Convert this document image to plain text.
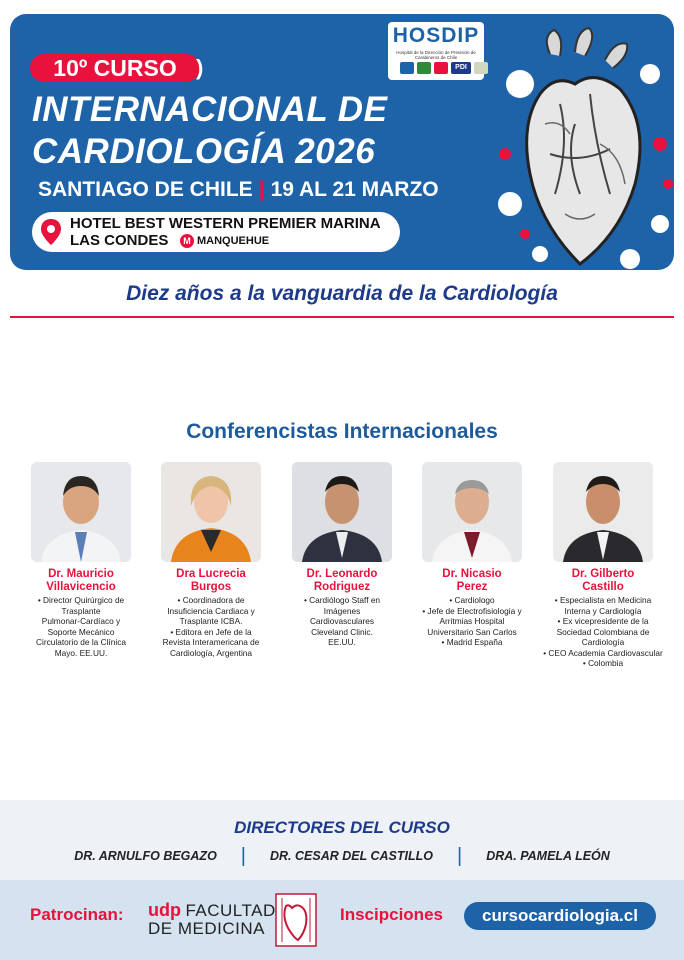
10º CURSO )
INTERNACIONAL DE
CARDIOLOGÍA 2026
SANTIAGO DE CHILE | 19 AL 21 MARZO
HOTEL BEST WESTERN PREMIER MARINA
LAS CONDES	M MANQUEHUE
HOSDIP
Hospital de la Dirección de Previsión de Carabineros de Chile
PDI
Diez años a la vanguardia de la Cardiología
Conferencistas Internacionales
Dr. Mauricio
Villavicencio
• Director Quirúrgico de
Trasplante
Pulmonar-Cardíaco y
Soporte Mecánico
Circulatorio de la Clínica
Mayo. EE.UU.
Dra Lucrecia
Burgos
• Coordinadora de
Insuficiencia Cardiaca y
Trasplante ICBA.
• Editora en Jefe de la
Revista Interamericana de
Cardiología, Argentina
Dr. Leonardo
Rodriguez
• Cardiólogo Staff en
Imágenes
Cardiovasculares
Cleveland Clinic.
EE.UU.
Dr. Nicasio
Perez
• Cardiologo
• Jefe de Electrofisiologia y
Arritmias Hospital
Universitario San Carlos
• Madrid España
Dr. Gilberto
Castillo
• Especialista en Medicina
Interna y Cardiología
• Ex vicepresidente de la
Sociedad Colombiana de
Cardiología
• CEO Academia Cardiovascular
• Colombia
DIRECTORES DEL CURSO
DR. ARNULFO BEGAZO | DR. CESAR DEL CASTILLO | DRA. PAMELA LEÓN
Patrocinan: udp FACULTAD
DE MEDICINA
Inscipciones	cursocardiologia.cl
